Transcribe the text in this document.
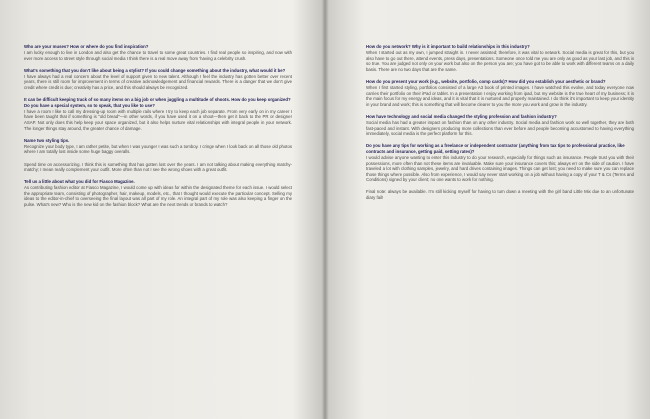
Who are your muses? How or where do you find inspiration?

I am lucky enough to live in London and also get the chance to travel to some great countries. I find real people so inspiring, and now with ever more access to street style through social media I think there is a real move away from 'having a celebrity crush.

What's something that you don't like about being a stylist? If you could change something about the industry, what would it be?

I have always had a real concern about the level of support given to new talent. Although I feel the industry has gotten better over recent years, there is still room for improvement in terms of creative acknowledgement and financial rewards. There is a danger that we don't give credit where credit is due; creativity has a price, and this should always be recognized.

It can be difficult keeping track of so many items on a big job or when juggling a multitude of shoots. How do you keep organized? Do you have a special system, so to speak, that you like to use?

I have a room I like to call my dressing-up room with multiple rails where I try to keep each job separate. From very early on in my career I have been taught that if something is "old bread"—in other words, if you have used it on a shoot—then get it back to the PR or designer ASAP. Not only does this help keep your space organized, but it also helps nurture vital relationships with integral people in your network. The longer things stay around, the greater chance of damage.

Name two styling tips.

Recognize your body type, I am rather petite, but when I was younger I was such a tomboy. I cringe when I look back on all those old photos where I am totally lost inside some huge baggy overalls.

Spend time on accessorizing. I think this is something that has gotten lost over the years. I am not talking about making everything matchy-matchy; I mean really complement your outfit. More often than not I see the wrong shoes with a great outfit.

Tell us a little about what you did for Fiasco Magazine.

As contributing fashion editor at Fiasco Magazine, I would come up with ideas for within the designated theme for each issue. I would select the appropriate team, consisting of photographer, hair, makeup, models, etc., that I thought would execute the particular concept. Selling my ideas to the editor-in-chief to overseeing the final layout was all part of my role. An integral part of my role was also keeping a finger on the pulse. What's new? Who is the new kid on the fashion block? What are the next trends or brands to watch?

How do you network? Why is it important to build relationships in this industry?

When I started out as my own, I jumped straight in. I never assisted; therefore, it was vital to network. Social media is great for this, but you also have to go out there, attend events, press days, presentations. Someone once told me you are only as good as your last job, and this is so true. You are judged not only on your work but also on the person you are; you have got to be able to work with different teams on a daily basis. There are no two days that are the same.

How do you present your work (e.g., website, portfolio, comp cards)? How did you establish your aesthetic or brand?

When I first started styling, portfolios consisted of a large A3 book of printed images. I have watched this evolve, and today everyone now carries their portfolio on their iPad or tablet. In a presentation I enjoy working from ipad, but my website is the true heart of my business; it is the main focus for my energy and ideas, and it is vital that it is nurtured and properly maintained. I do think it's important to keep your identity in your brand and work; this is something that will become clearer to you the more you work and grow in the industry.

How have technology and social media changed the styling profession and fashion industry?

Social media has had a greater impact on fashion than on any other industry. Social media and fashion work so well together, they are both fast-paced and instant. With designers producing more collections than ever before and people becoming accustomed to having everything immediately, social media is the perfect platform for this.

Do you have any tips for working as a freelance or independent contractor (anything from tax tips to professional practice, like contracts and insurance, getting paid, setting rates)?

I would advise anyone wanting to enter this industry to do your research, especially for things such as insurance. People trust you with their possessions, more often than not these items are invaluable. Make sure your insurance covers this; always err on the side of caution. I have traveled a lot with clothing samples, jewelry, and hard drives containing images. Things can get lost; you need to make sure you can replace those things where possible. Also from experience, I would say never start working on a job without having a copy of your T & Cs (Terms and Conditions) signed by your client; no one wants to work for nothing.

Final note: always be available. I'm still kicking myself for having to turn down a meeting with the girl band Little Mix due to an unfortunate diary fail!
